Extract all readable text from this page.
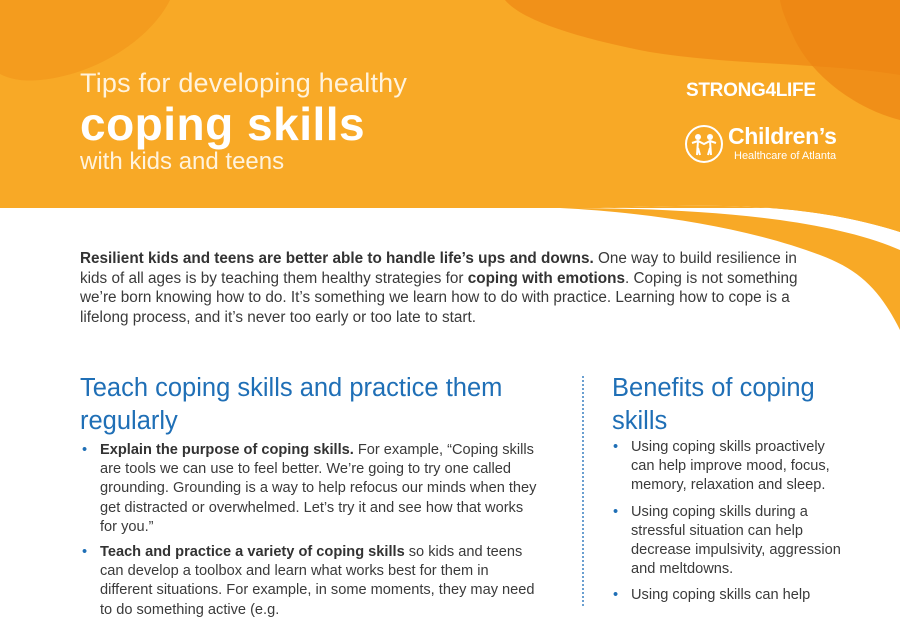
Tips for developing healthy
coping skills
with kids and teens
STRONG4LIFE
Children’s
Healthcare of Atlanta

Resilient kids and teens are better able to handle life’s ups and downs. One way to build resilience in kids of all ages is by teaching them healthy strategies for coping with emotions. Coping is not something we’re born knowing how to do. It’s something we learn how to do with practice. Learning how to cope is a lifelong process, and it’s never too early or too late to start.

Teach coping skills and practice them regularly
• Explain the purpose of coping skills. For example, “Coping skills are tools we can use to feel better. We’re going to try one called grounding. Grounding is a way to help refocus our minds when they get distracted or overwhelmed. Let’s try it and see how that works for you.”
• Teach and practice a variety of coping skills so kids and teens can develop a toolbox and learn what works best for them in different situations. For example, in some moments, they may need to do something active (e.g.
Benefits of coping skills
• Using coping skills proactively can help improve mood, focus, memory, relaxation and sleep.
• Using coping skills during a stressful situation can help decrease impulsivity, aggression and meltdowns.
• Using coping skills can help
